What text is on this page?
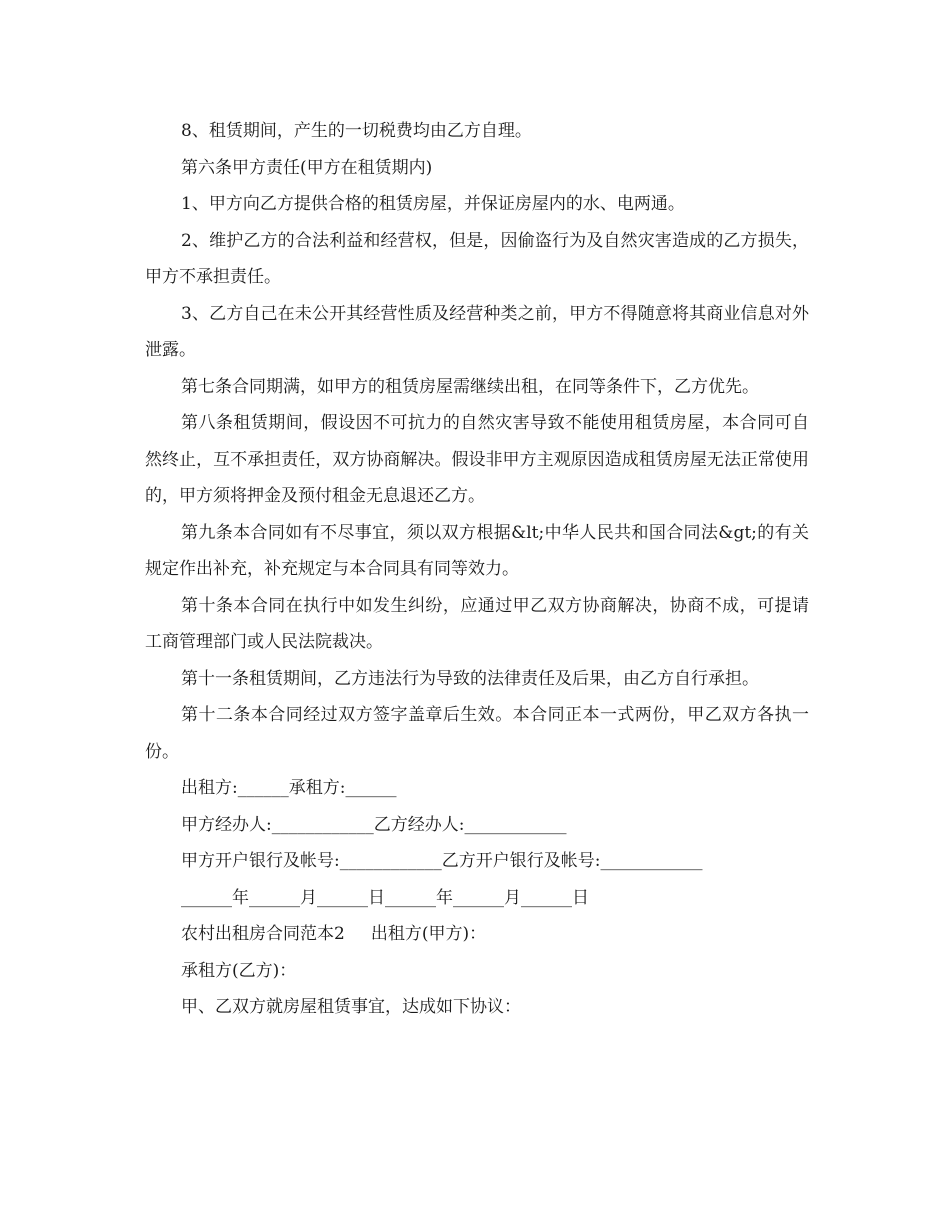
8、租赁期间，产生的一切税费均由乙方自理。

第六条甲方责任(甲方在租赁期内)

1、甲方向乙方提供合格的租赁房屋，并保证房屋内的水、电两通。

2、维护乙方的合法利益和经营权，但是，因偷盗行为及自然灾害造成的乙方损失，甲方不承担责任。

3、乙方自己在未公开其经营性质及经营种类之前，甲方不得随意将其商业信息对外泄露。

第七条合同期满，如甲方的租赁房屋需继续出租，在同等条件下，乙方优先。

第八条租赁期间，假设因不可抗力的自然灾害导致不能使用租赁房屋，本合同可自然终止，互不承担责任，双方协商解决。假设非甲方主观原因造成租赁房屋无法正常使用的，甲方须将押金及预付租金无息退还乙方。

第九条本合同如有不尽事宜，须以双方根据&lt;中华人民共和国合同法&gt;的有关规定作出补充，补充规定与本合同具有同等效力。

第十条本合同在执行中如发生纠纷，应通过甲乙双方协商解决，协商不成，可提请工商管理部门或人民法院裁决。

第十一条租赁期间，乙方违法行为导致的法律责任及后果，由乙方自行承担。

第十二条本合同经过双方签字盖章后生效。本合同正本一式两份，甲乙双方各执一份。

出租方:______承租方:______

甲方经办人:____________乙方经办人:____________

甲方开户银行及帐号:____________乙方开户银行及帐号:____________

______年______月______日______年______月______日

农村出租房合同范本2 出租方(甲方)：

承租方(乙方)：

甲、乙双方就房屋租赁事宜，达成如下协议：
